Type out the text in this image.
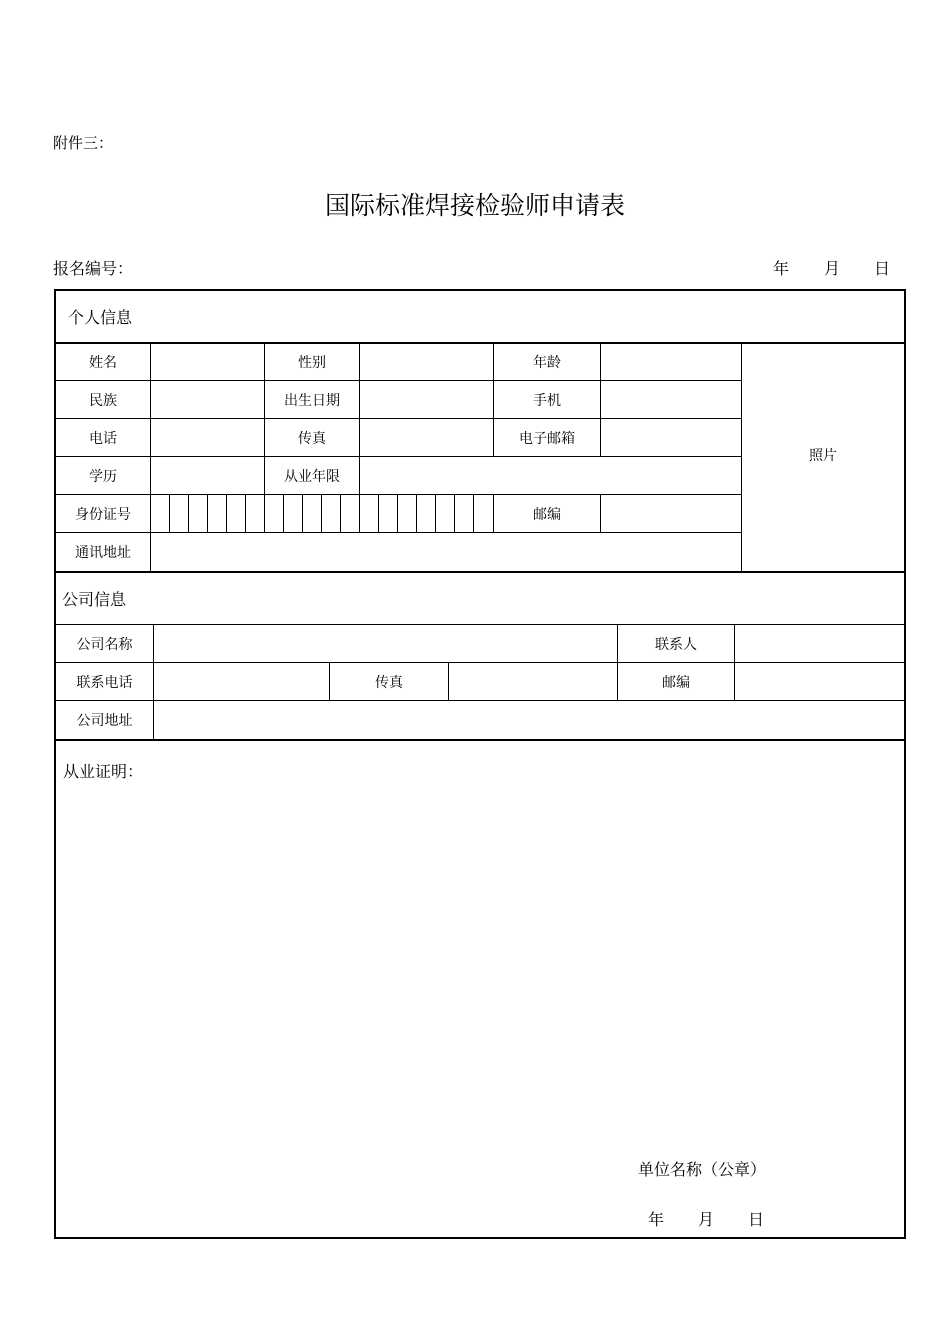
附件三：
国际标准焊接检验师申请表
报名编号：	年 月 日
个人信息
姓名	性别	年龄
民族	出生日期	手机
电话	传真	电子邮箱
学历	从业年限
身份证号	邮编
通讯地址
照片
公司信息
公司名称	联系人
联系电话	传真	邮编
公司地址
从业证明：
单位名称（公章）
年 月 日
